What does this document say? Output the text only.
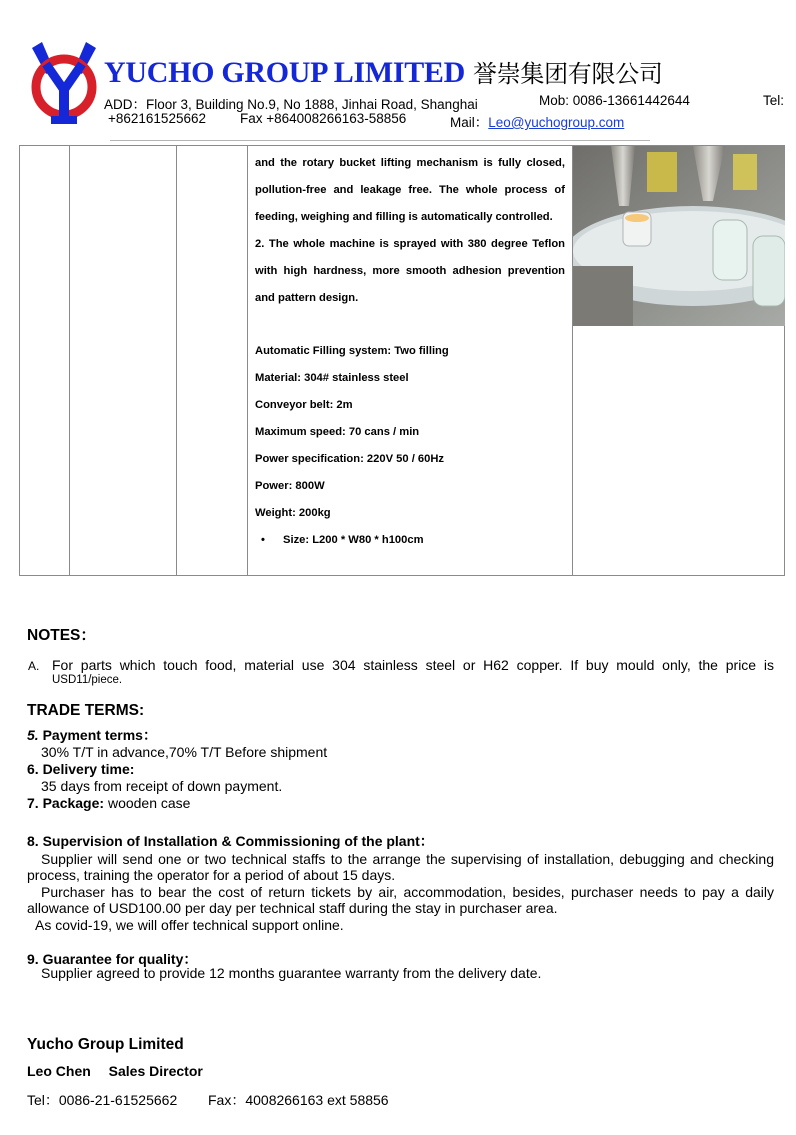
YUCHO GROUP LIMITED 誉崇集团有限公司
ADD：Floor 3, Building No.9, No 1888, Jinhai Road, Shanghai	Mob: 0086-13661442644	Tel:
+862161525662	Fax +864008266163-58856	Mail：Leo@yuchogroup.com

and the rotary bucket lifting mechanism is fully closed, pollution-free and leakage free. The whole process of feeding, weighing and filling is automatically controlled.

2. The whole machine is sprayed with 380 degree Teflon with high hardness, more smooth adhesion prevention and pattern design.

Automatic Filling system: Two filling

Material: 304# stainless steel

Conveyor belt: 2m

Maximum speed: 70 cans / min

Power specification: 220V 50 / 60Hz

Power: 800W

Weight: 200kg

• Size: L200 * W80 * h100cm

NOTES：
A. For parts which touch food, material use 304 stainless steel or H62 copper. If buy mould only, the price is
USD11/piece.
TRADE TERMS:
5. Payment terms：
30% T/T in advance,70% T/T Before shipment
6. Delivery time:
35 days from receipt of down payment.
7. Package: wooden case
8. Supervision of Installation & Commissioning of the plant：
Supplier will send one or two technical staffs to the arrange the supervising of installation, debugging and checking
process, training the operator for a period of about 15 days.
Purchaser has to bear the cost of return tickets by air, accommodation, besides, purchaser needs to pay a daily
allowance of USD100.00 per day per technical staff during the stay in purchaser area.
As covid-19, we will offer technical support online.
9. Guarantee for quality：
Supplier agreed to provide 12 months guarantee warranty from the delivery date.
Yucho Group Limited
Leo Chen Sales Director
Tel：0086-21-61525662 Fax：4008266163 ext 58856
